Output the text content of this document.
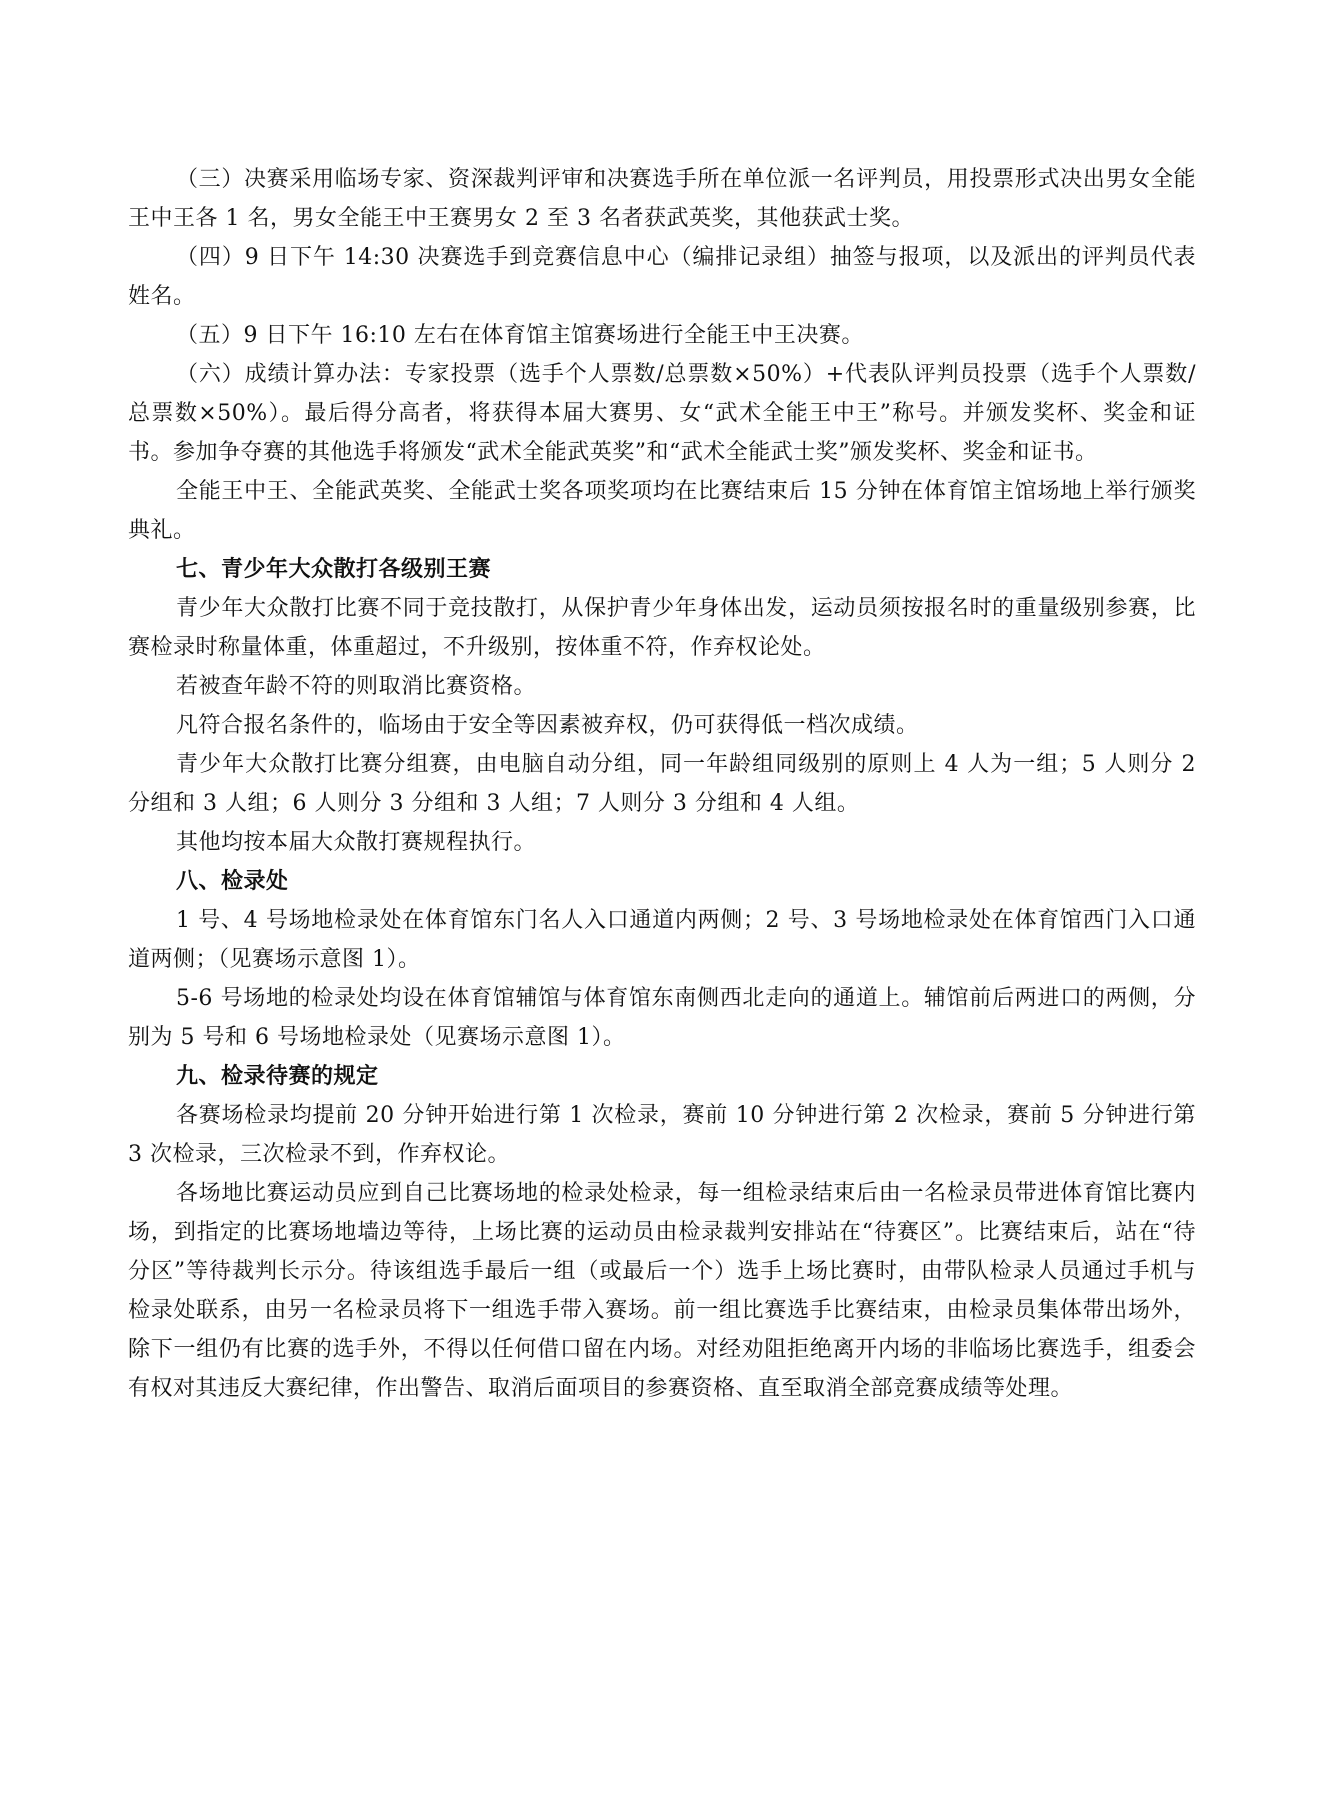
（三）决赛采用临场专家、资深裁判评审和决赛选手所在单位派一名评判员，用投票形式决出男女全能王中王各 1 名，男女全能王中王赛男女 2 至 3 名者获武英奖，其他获武士奖。

（四）9 日下午 14:30 决赛选手到竞赛信息中心（编排记录组）抽签与报项，以及派出的评判员代表姓名。

（五）9 日下午 16:10 左右在体育馆主馆赛场进行全能王中王决赛。

（六）成绩计算办法：专家投票（选手个人票数/总票数×50%）+代表队评判员投票（选手个人票数/总票数×50%）。最后得分高者，将获得本届大赛男、女“武术全能王中王”称号。并颁发奖杯、奖金和证书。参加争夺赛的其他选手将颁发“武术全能武英奖”和“武术全能武士奖”颁发奖杯、奖金和证书。

全能王中王、全能武英奖、全能武士奖各项奖项均在比赛结束后 15 分钟在体育馆主馆场地上举行颁奖典礼。

七、青少年大众散打各级别王赛

青少年大众散打比赛不同于竞技散打，从保护青少年身体出发，运动员须按报名时的重量级别参赛，比赛检录时称量体重，体重超过，不升级别，按体重不符，作弃权论处。

若被查年龄不符的则取消比赛资格。

凡符合报名条件的，临场由于安全等因素被弃权，仍可获得低一档次成绩。

青少年大众散打比赛分组赛，由电脑自动分组，同一年龄组同级别的原则上 4 人为一组；5 人则分 2 分组和 3 人组；6 人则分 3 分组和 3 人组；7 人则分 3 分组和 4 人组。

其他均按本届大众散打赛规程执行。

八、检录处

1 号、4 号场地检录处在体育馆东门名人入口通道内两侧；2 号、3 号场地检录处在体育馆西门入口通道两侧；（见赛场示意图 1）。

5-6 号场地的检录处均设在体育馆辅馆与体育馆东南侧西北走向的通道上。辅馆前后两进口的两侧，分别为 5 号和 6 号场地检录处（见赛场示意图 1）。

九、检录待赛的规定

各赛场检录均提前 20 分钟开始进行第 1 次检录，赛前 10 分钟进行第 2 次检录，赛前 5 分钟进行第 3 次检录，三次检录不到，作弃权论。

各场地比赛运动员应到自己比赛场地的检录处检录，每一组检录结束后由一名检录员带进体育馆比赛内场，到指定的比赛场地墙边等待，上场比赛的运动员由检录裁判安排站在“待赛区”。比赛结束后，站在“待分区”等待裁判长示分。待该组选手最后一组（或最后一个）选手上场比赛时，由带队检录人员通过手机与检录处联系，由另一名检录员将下一组选手带入赛场。前一组比赛选手比赛结束，由检录员集体带出场外，除下一组仍有比赛的选手外，不得以任何借口留在内场。对经劝阻拒绝离开内场的非临场比赛选手，组委会有权对其违反大赛纪律，作出警告、取消后面项目的参赛资格、直至取消全部竞赛成绩等处理。
